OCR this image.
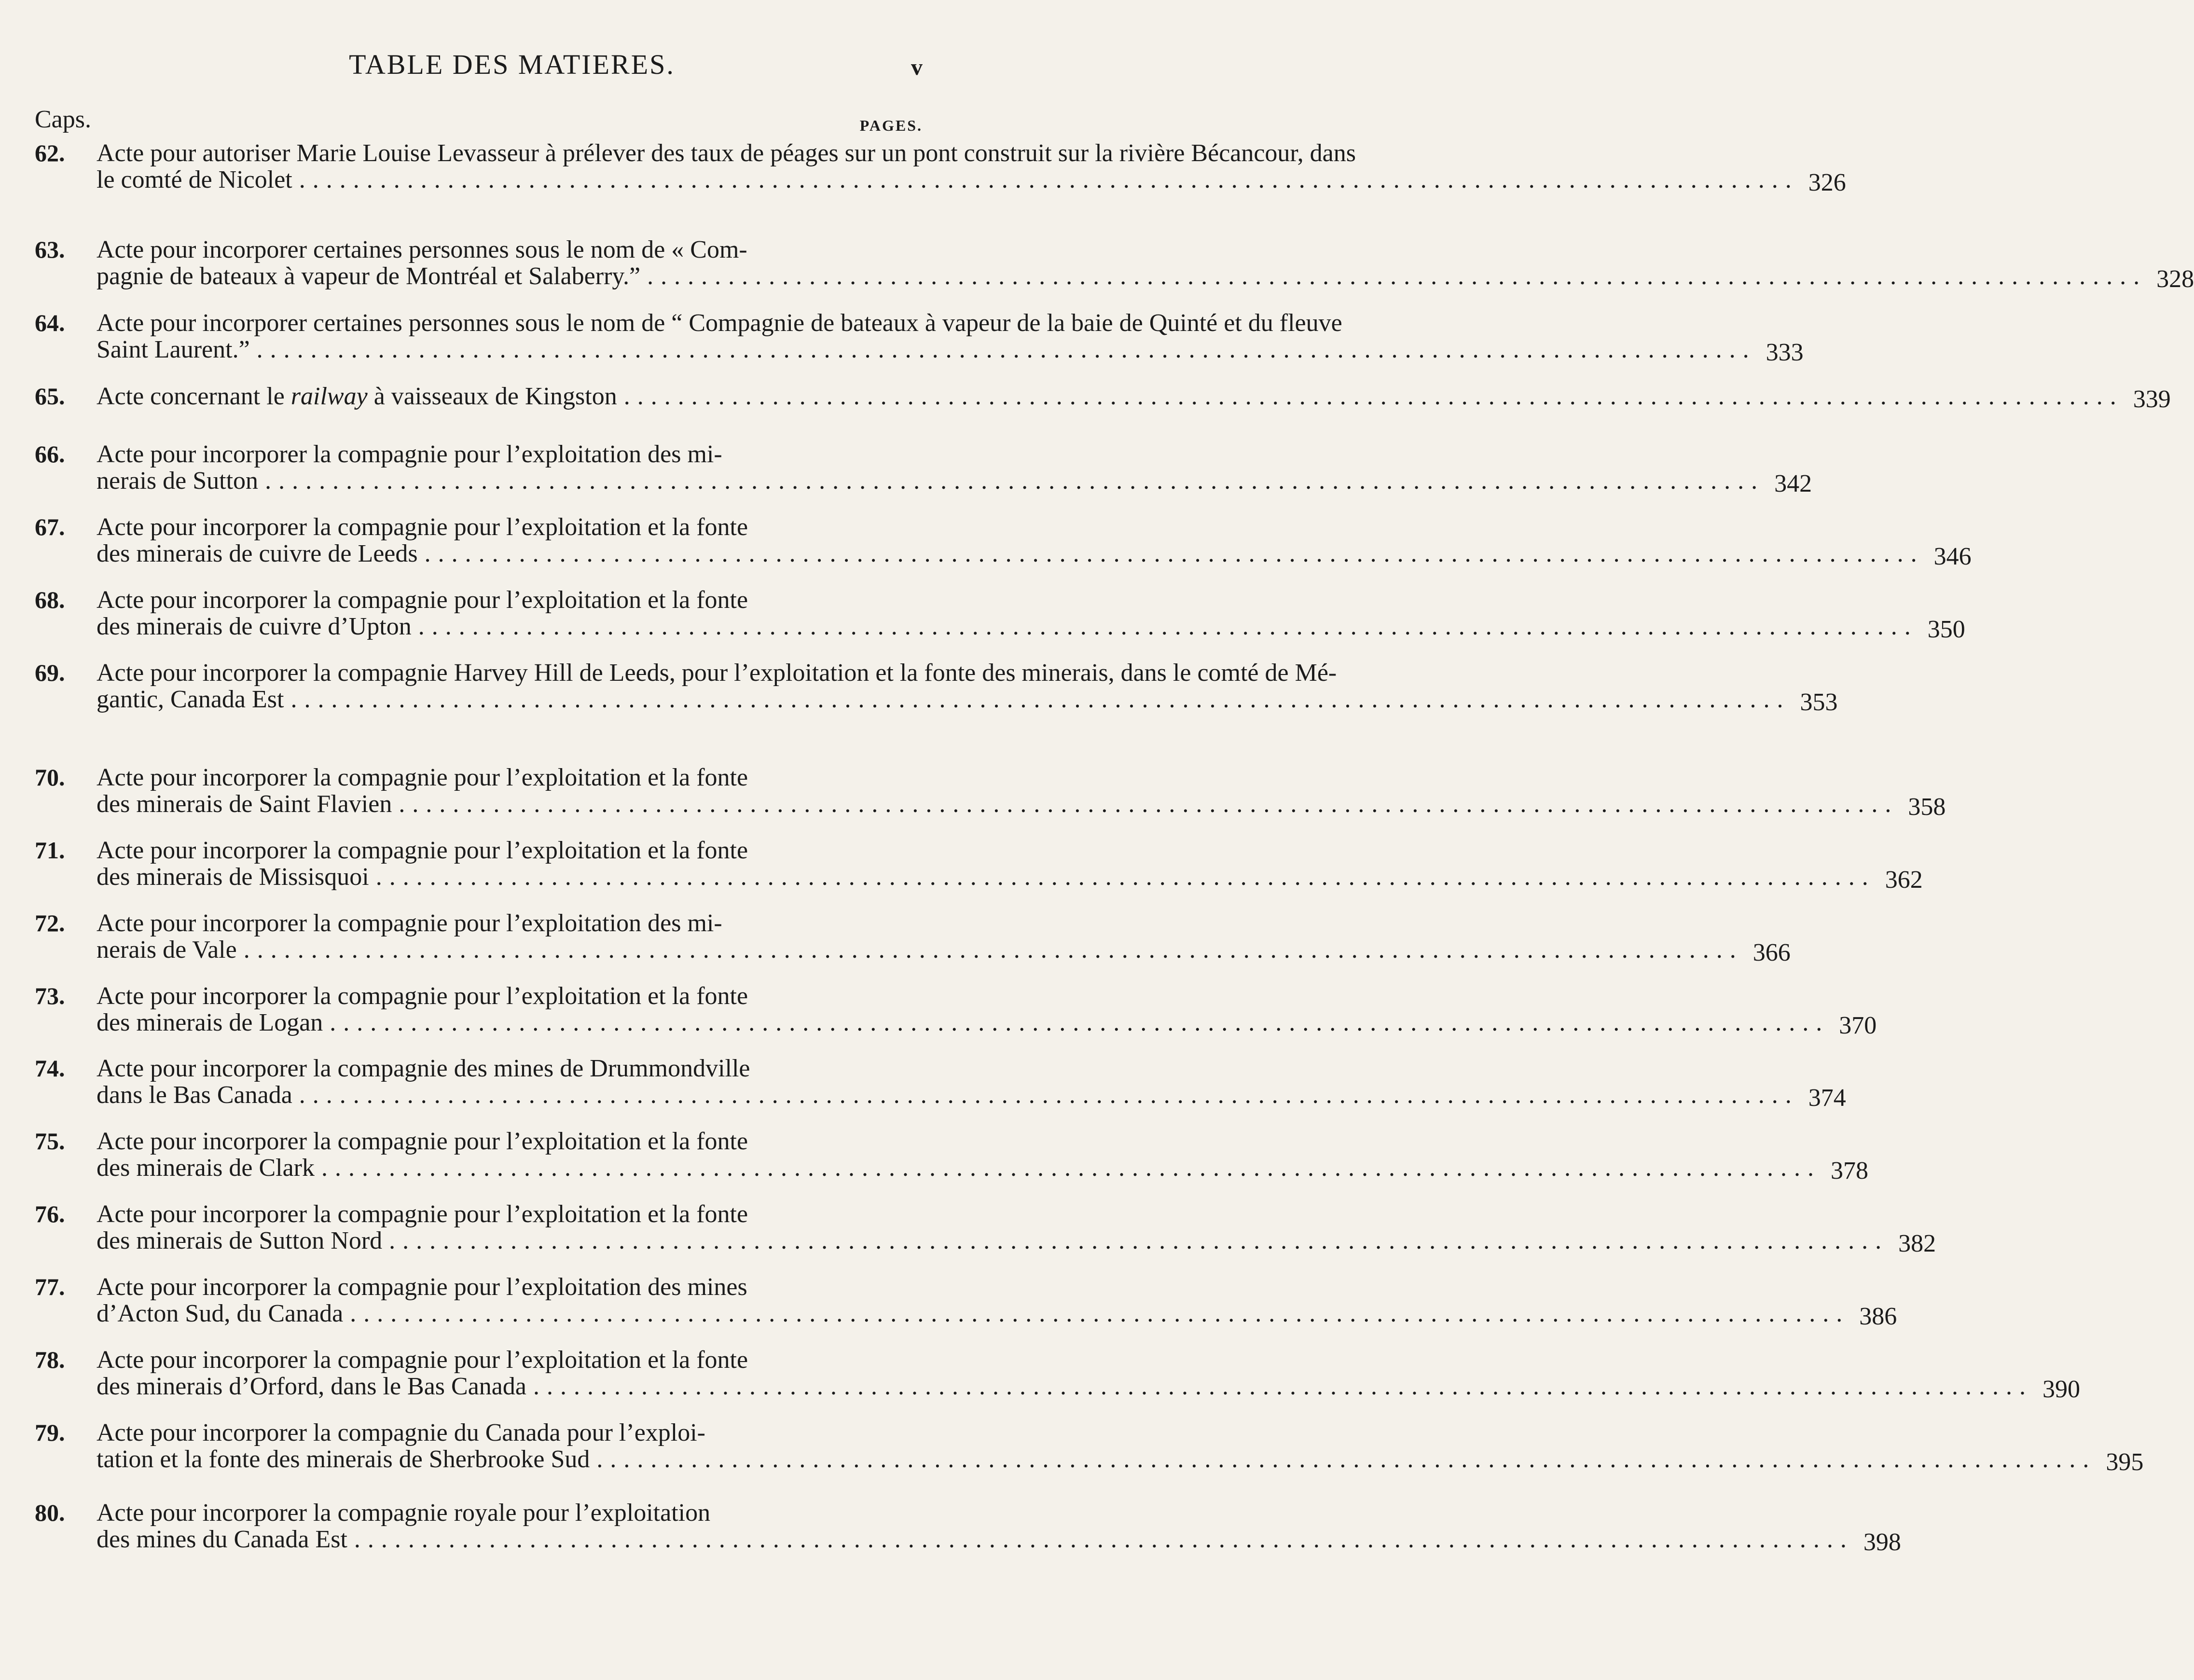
TABLE DES MATIERES.	v
Caps.	PAGES.
62.	Acte pour autoriser Marie Louise Levasseur à prélever des taux de péages sur un pont construit sur la rivière Bécancour, dans
le comté de Nicolet . . .	326
63.	Acte pour incorporer certaines personnes sous le nom de « Com-
pagnie de bateaux à vapeur de Montréal et Salaberry.” . . .	328
64.	Acte pour incorporer certaines personnes sous le nom de “ Compagnie de bateaux à vapeur de la baie de Quinté et du fleuve
Saint Laurent.” . . .	333
65.	Acte concernant le railway à vaisseaux de Kingston . . .	339
66.	Acte pour incorporer la compagnie pour l’exploitation des mi-
nerais de Sutton . . .	342
67.	Acte pour incorporer la compagnie pour l’exploitation et la fonte
des minerais de cuivre de Leeds . . .	346
68.	Acte pour incorporer la compagnie pour l’exploitation et la fonte
des minerais de cuivre d’Upton . . .	350
69.	Acte pour incorporer la compagnie Harvey Hill de Leeds, pour l’exploitation et la fonte des minerais, dans le comté de Mé-
gantic, Canada Est . . .	353
70.	Acte pour incorporer la compagnie pour l’exploitation et la fonte
des minerais de Saint Flavien . . .	358
71.	Acte pour incorporer la compagnie pour l’exploitation et la fonte
des minerais de Missisquoi . . .	362
72.	Acte pour incorporer la compagnie pour l’exploitation des mi-
nerais de Vale . . .	366
73.	Acte pour incorporer la compagnie pour l’exploitation et la fonte
des minerais de Logan . . .	370
74.	Acte pour incorporer la compagnie des mines de Drummondville
dans le Bas Canada . . .	374
75.	Acte pour incorporer la compagnie pour l’exploitation et la fonte
des minerais de Clark . . .	378
76.	Acte pour incorporer la compagnie pour l’exploitation et la fonte
des minerais de Sutton Nord . . .	382
77.	Acte pour incorporer la compagnie pour l’exploitation des mines
d’Acton Sud, du Canada . . .	386
78.	Acte pour incorporer la compagnie pour l’exploitation et la fonte
des minerais d’Orford, dans le Bas Canada . . .	390
79.	Acte pour incorporer la compagnie du Canada pour l’exploi-
tation et la fonte des minerais de Sherbrooke Sud . . .	395
80.	Acte pour incorporer la compagnie royale pour l’exploitation
des mines du Canada Est . . .	398
